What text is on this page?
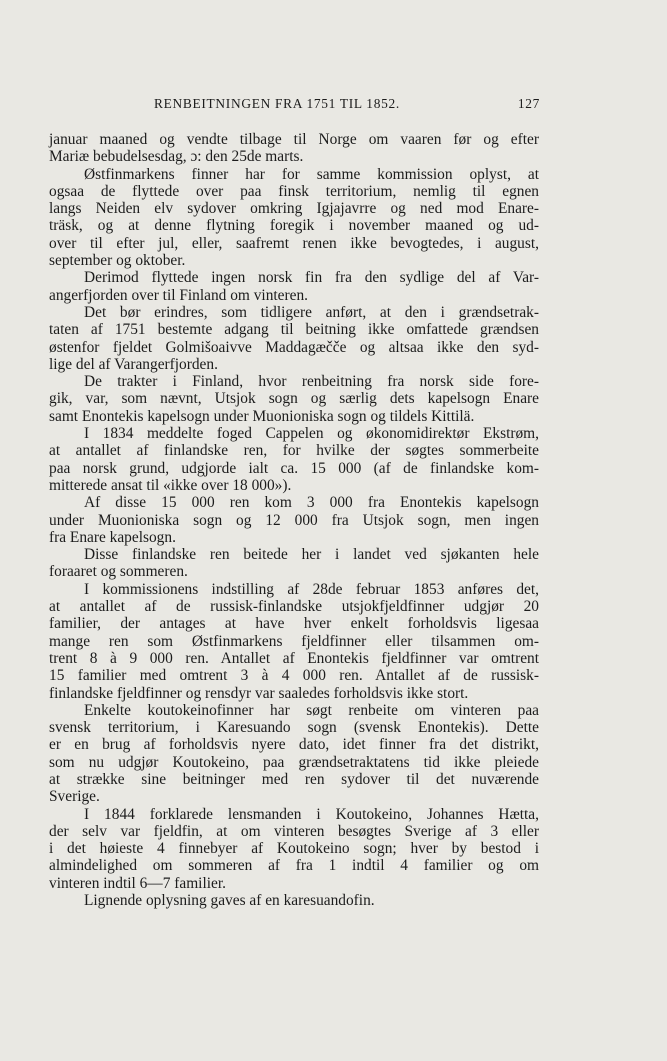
RENBEITNINGEN FRA 1751 TIL 1852.	127
januar maaned og vendte tilbage til Norge om vaaren før og efter
Mariæ bebudelsesdag, ɔ: den 25de marts.
Østfinmarkens finner har for samme kommission oplyst, at
ogsaa de flyttede over paa finsk territorium, nemlig til egnen
langs Neiden elv sydover omkring Igjajavrre og ned mod Enare-
träsk, og at denne flytning foregik i november maaned og ud-
over til efter jul, eller, saafremt renen ikke bevogtedes, i august,
september og oktober.
Derimod flyttede ingen norsk fin fra den sydlige del af Var-
angerfjorden over til Finland om vinteren.
Det bør erindres, som tidligere anført, at den i grændsetrak-
taten af 1751 bestemte adgang til beitning ikke omfattede grændsen
østenfor fjeldet Golmišoaivve Maddagæčče og altsaa ikke den syd-
lige del af Varangerfjorden.
De trakter i Finland, hvor renbeitning fra norsk side fore-
gik, var, som nævnt, Utsjok sogn og særlig dets kapelsogn Enare
samt Enontekis kapelsogn under Muonioniska sogn og tildels Kittilä.
I 1834 meddelte foged Cappelen og økonomidirektør Ekstrøm,
at antallet af finlandske ren, for hvilke der søgtes sommerbeite
paa norsk grund, udgjorde ialt ca. 15 000 (af de finlandske kom-
mitterede ansat til «ikke over 18 000»).
Af disse 15 000 ren kom 3 000 fra Enontekis kapelsogn
under Muonioniska sogn og 12 000 fra Utsjok sogn, men ingen
fra Enare kapelsogn.
Disse finlandske ren beitede her i landet ved sjøkanten hele
foraaret og sommeren.
I kommissionens indstilling af 28de februar 1853 anføres det,
at antallet af de russisk-finlandske utsjokfjeldfinner udgjør 20
familier, der antages at have hver enkelt forholdsvis ligesaa
mange ren som Østfinmarkens fjeldfinner eller tilsammen om-
trent 8 à 9 000 ren. Antallet af Enontekis fjeldfinner var omtrent
15 familier med omtrent 3 à 4 000 ren. Antallet af de russisk-
finlandske fjeldfinner og rensdyr var saaledes forholdsvis ikke stort.
Enkelte koutokeinofinner har søgt renbeite om vinteren paa
svensk territorium, i Karesuando sogn (svensk Enontekis). Dette
er en brug af forholdsvis nyere dato, idet finner fra det distrikt,
som nu udgjør Koutokeino, paa grændsetraktatens tid ikke pleiede
at strække sine beitninger med ren sydover til det nuværende
Sverige.
I 1844 forklarede lensmanden i Koutokeino, Johannes Hætta,
der selv var fjeldfin, at om vinteren besøgtes Sverige af 3 eller
i det høieste 4 finnebyer af Koutokeino sogn; hver by bestod i
almindelighed om sommeren af fra 1 indtil 4 familier og om
vinteren indtil 6—7 familier.
Lignende oplysning gaves af en karesuandofin.
